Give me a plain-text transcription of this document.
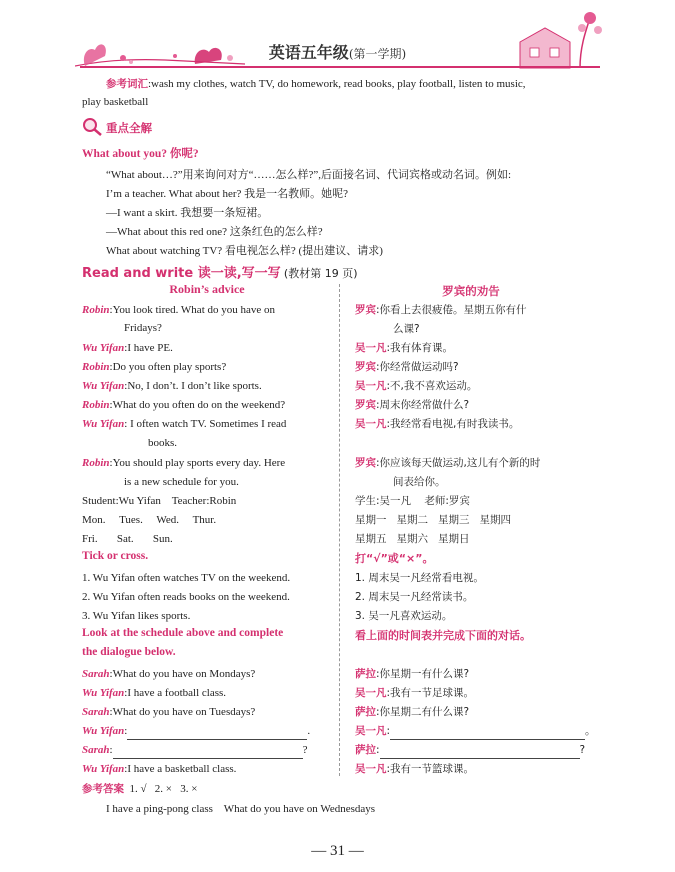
英语五年级(第一学期)
参考词汇:wash my clothes, watch TV, do homework, read books, play football, listen to music,
play basketball
重点全解
What about you? 你呢?
“What about…?”用来询问对方“……怎么样?”,后面接名词、代词宾格或动名词。例如:
I’m a teacher. What about her? 我是一名教师。她呢?
—I want a skirt. 我想要一条短裙。
—What about this red one? 这条红色的怎么样?
What about watching TV? 看电视怎么样? (提出建议、请求)
Read and write 读一读,写一写 (教材第 19 页)
Robin’s advice
Robin:You look tired. What do you have on
Fridays?
Wu Yifan:I have PE.
Robin:Do you often play sports?
Wu Yifan:No, I don’t. I don’t like sports.
Robin:What do you often do on the weekend?
Wu Yifan: I often watch TV. Sometimes I read
books.
Robin:You should play sports every day. Here
is a new schedule for you.
Student:Wu Yifan    Teacher:Robin
Mon.     Tues.     Wed.     Thur.
Fri.       Sat.       Sun.
Tick or cross.
1. Wu Yifan often watches TV on the weekend.
2. Wu Yifan often reads books on the weekend.
3. Wu Yifan likes sports.
Look at the schedule above and complete
the dialogue below.
Sarah:What do you have on Mondays?
Wu Yifan:I have a football class.
Sarah:What do you have on Tuesdays?
Wu Yifan:	.
Sarah:	?
Wu Yifan:I have a basketball class.
罗宾的劝告
罗宾:你看上去很疲倦。星期五你有什
么课?
吴一凡:我有体育课。
罗宾:你经常做运动吗?
吴一凡:不,我不喜欢运动。
罗宾:周末你经常做什么?
吴一凡:我经常看电视,有时我读书。
罗宾:你应该每天做运动,这儿有个新的时
间表给你。
学生:吴一凡    老师:罗宾
星期一   星期二   星期三   星期四
星期五   星期六   星期日
打“√”或“×”。
1. 周末吴一凡经常看电视。
2. 周末吴一凡经常读书。
3. 吴一凡喜欢运动。
看上面的时间表并完成下面的对话。
萨拉:你星期一有什么课?
吴一凡:我有一节足球课。
萨拉:你星期二有什么课?
吴一凡:	。
萨拉:	?
吴一凡:我有一节篮球课。
参考答案 1. √   2. ×   3. ×
I have a ping-pong class    What do you have on Wednesdays
— 31 —
